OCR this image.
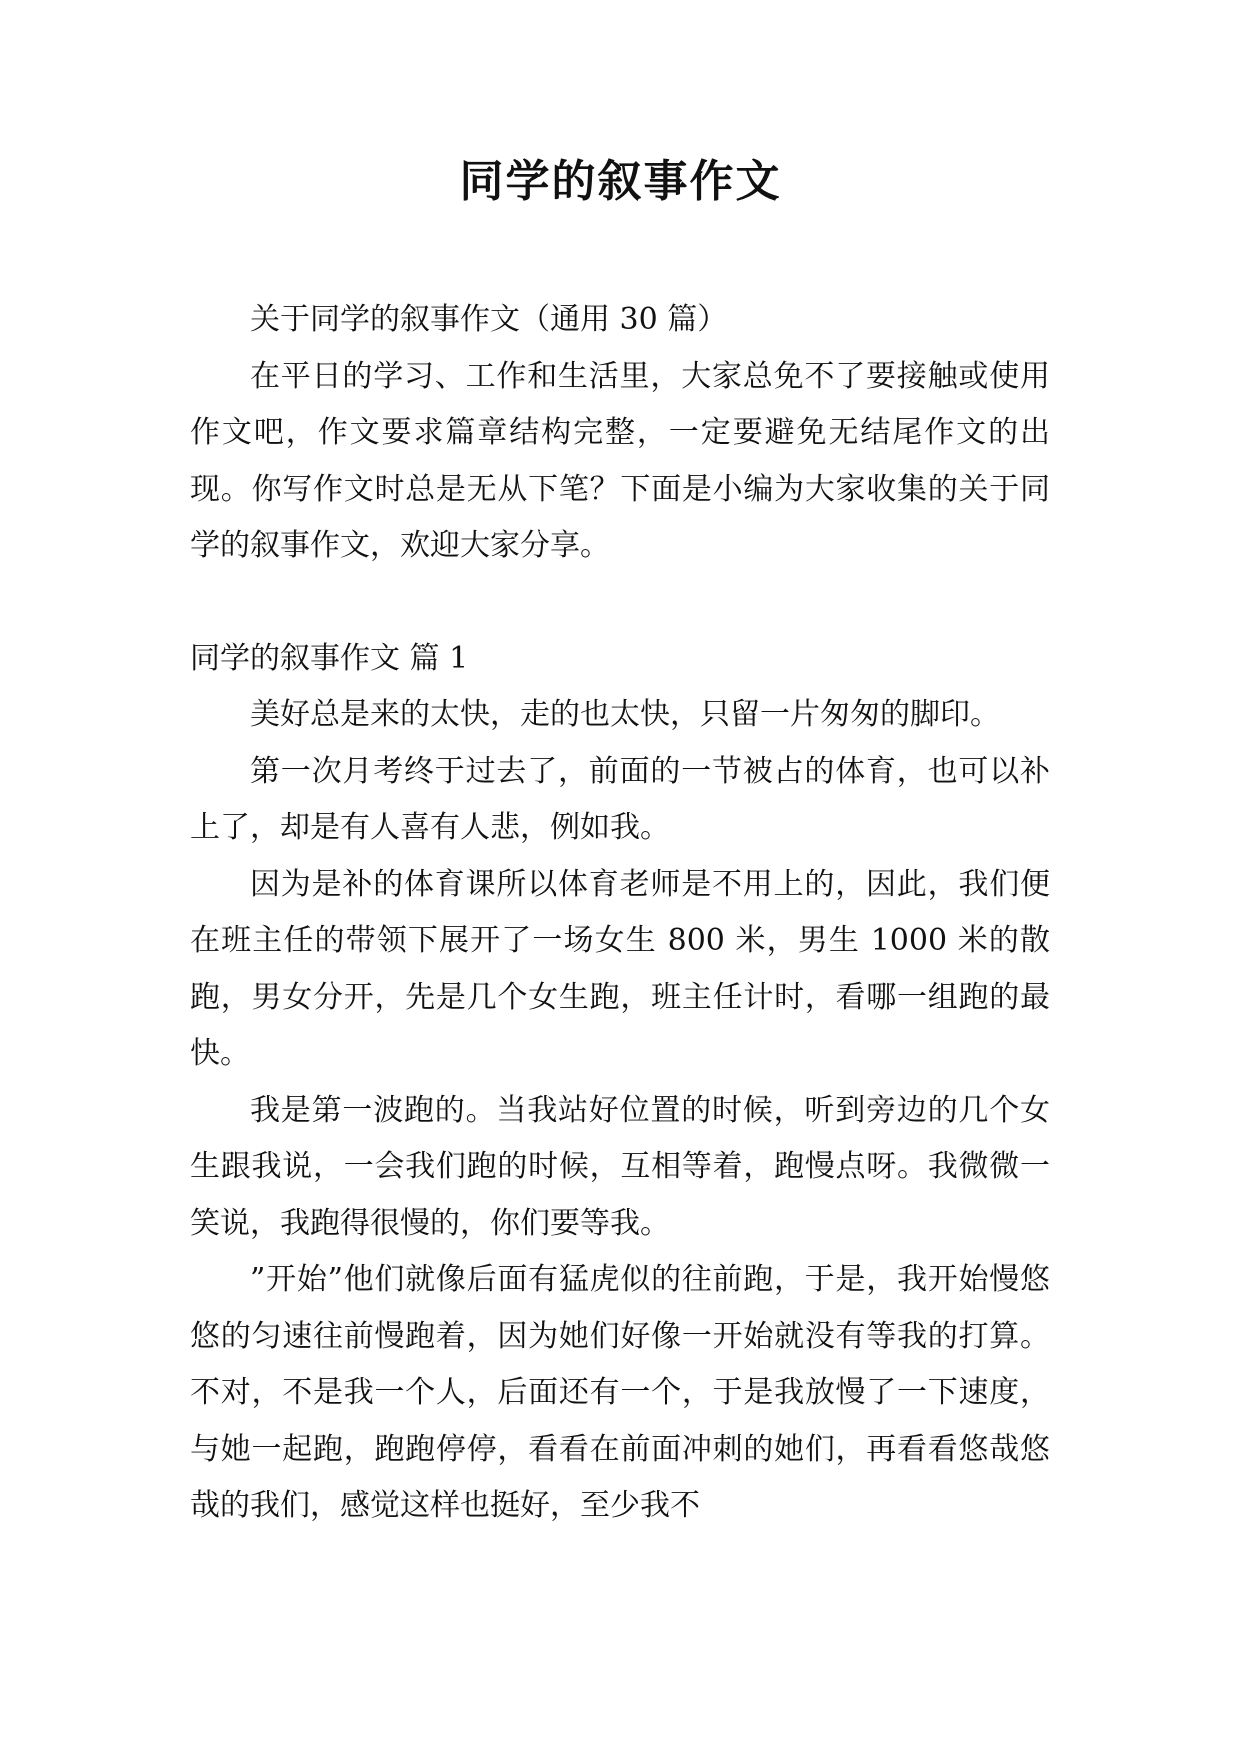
同学的叙事作文

关于同学的叙事作文（通用 30 篇）

在平日的学习、工作和生活里，大家总免不了要接触或使用作文吧，作文要求篇章结构完整，一定要避免无结尾作文的出现。你写作文时总是无从下笔？下面是小编为大家收集的关于同学的叙事作文，欢迎大家分享。

同学的叙事作文 篇 1

美好总是来的太快，走的也太快，只留一片匆匆的脚印。

第一次月考终于过去了，前面的一节被占的体育，也可以补上了，却是有人喜有人悲，例如我。

因为是补的体育课所以体育老师是不用上的，因此，我们便在班主任的带领下展开了一场女生 800 米，男生 1000 米的散跑，男女分开，先是几个女生跑，班主任计时，看哪一组跑的最快。

我是第一波跑的。当我站好位置的时候，听到旁边的几个女生跟我说，一会我们跑的时候，互相等着，跑慢点呀。我微微一笑说，我跑得很慢的，你们要等我。

”开始”他们就像后面有猛虎似的往前跑，于是，我开始慢悠悠的匀速往前慢跑着，因为她们好像一开始就没有等我的打算。不对，不是我一个人，后面还有一个，于是我放慢了一下速度，与她一起跑，跑跑停停，看看在前面冲刺的她们，再看看悠哉悠哉的我们，感觉这样也挺好，至少我不
